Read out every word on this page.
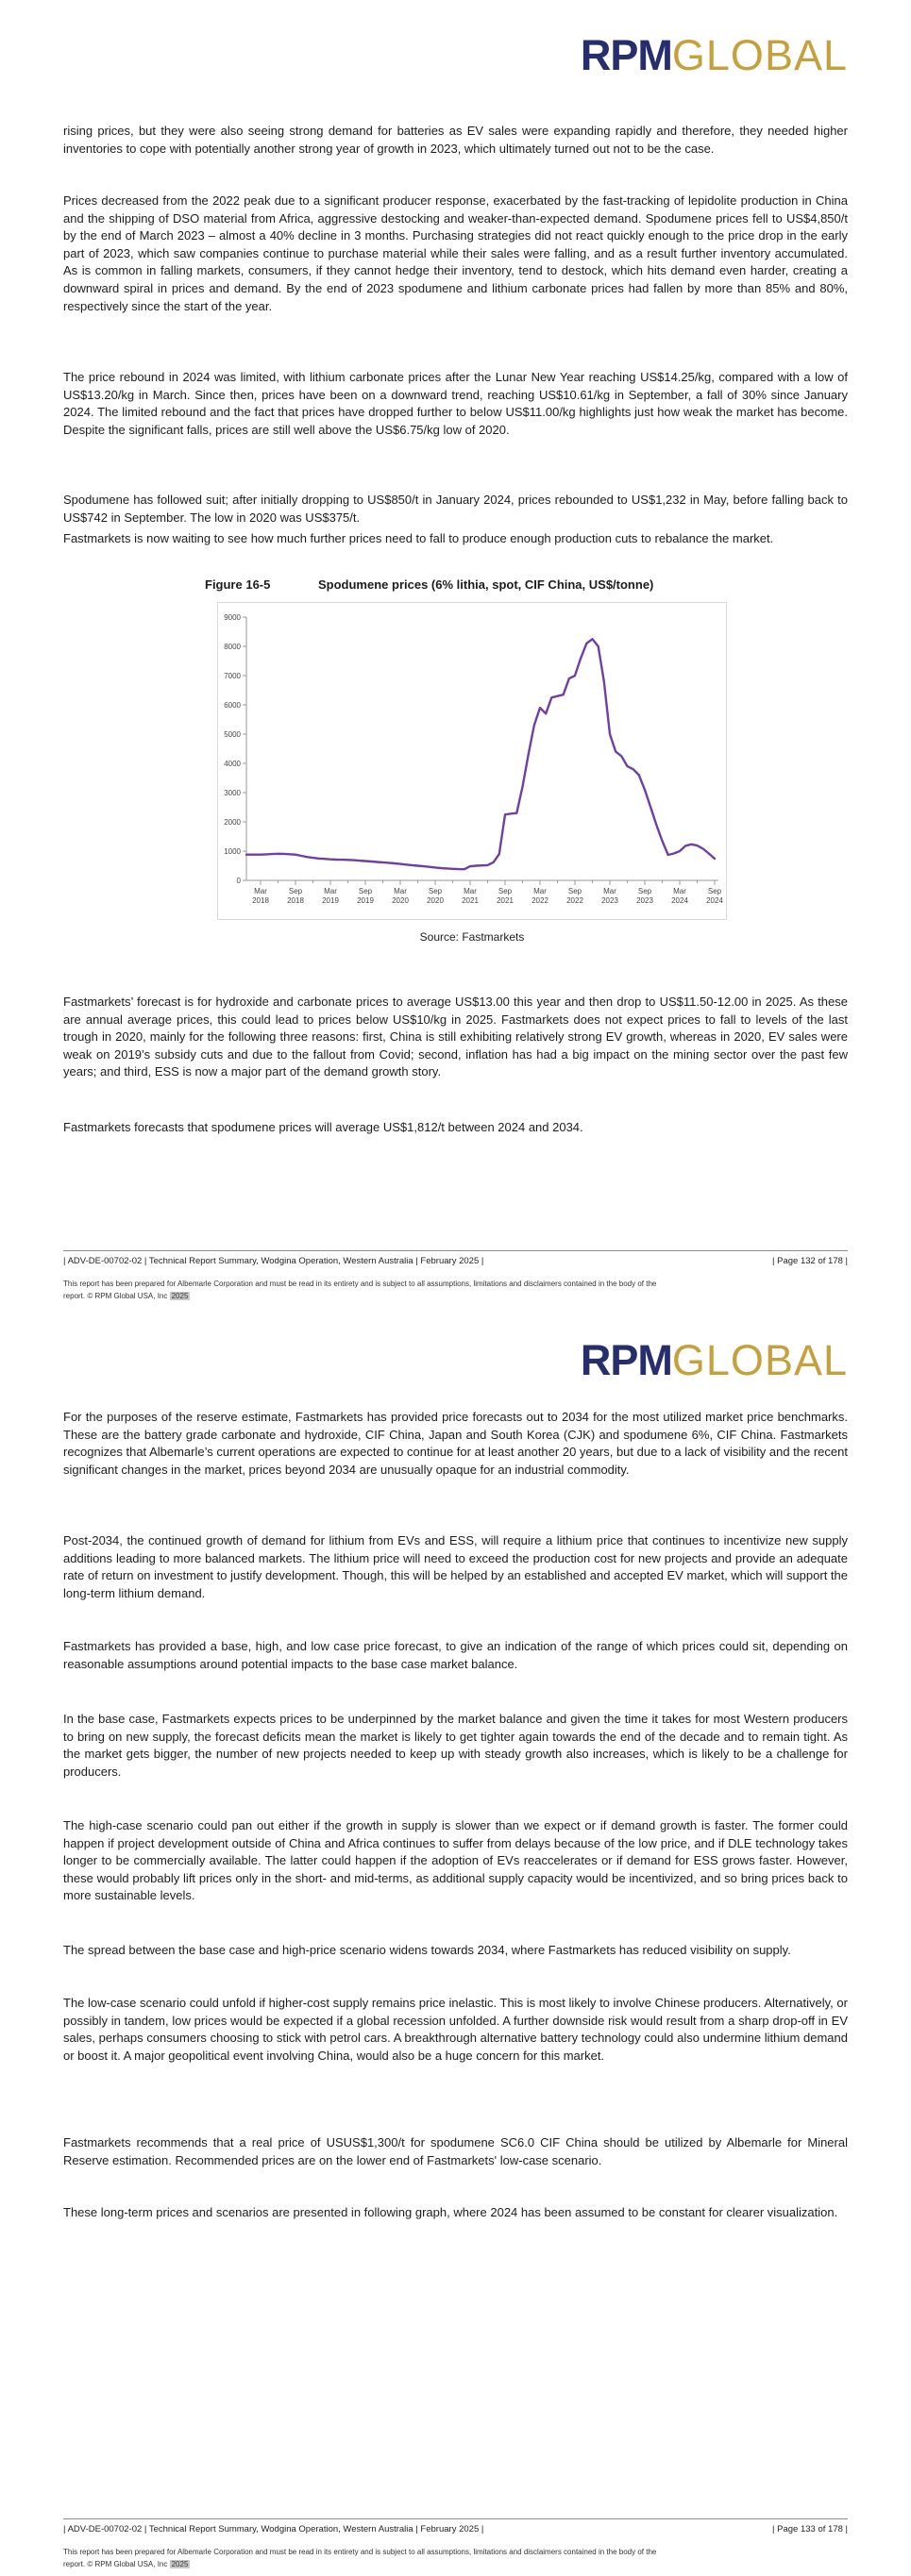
RPMGLOBAL

rising prices, but they were also seeing strong demand for batteries as EV sales were expanding rapidly and therefore, they needed higher inventories to cope with potentially another strong year of growth in 2023, which ultimately turned out not to be the case.

Prices decreased from the 2022 peak due to a significant producer response, exacerbated by the fast-tracking of lepidolite production in China and the shipping of DSO material from Africa, aggressive destocking and weaker-than-expected demand. Spodumene prices fell to US$4,850/t by the end of March 2023 – almost a 40% decline in 3 months. Purchasing strategies did not react quickly enough to the price drop in the early part of 2023, which saw companies continue to purchase material while their sales were falling, and as a result further inventory accumulated. As is common in falling markets, consumers, if they cannot hedge their inventory, tend to destock, which hits demand even harder, creating a downward spiral in prices and demand. By the end of 2023 spodumene and lithium carbonate prices had fallen by more than 85% and 80%, respectively since the start of the year.

The price rebound in 2024 was limited, with lithium carbonate prices after the Lunar New Year reaching US$14.25/kg, compared with a low of US$13.20/kg in March. Since then, prices have been on a downward trend, reaching US$10.61/kg in September, a fall of 30% since January 2024. The limited rebound and the fact that prices have dropped further to below US$11.00/kg highlights just how weak the market has become. Despite the significant falls, prices are still well above the US$6.75/kg low of 2020.

Spodumene has followed suit; after initially dropping to US$850/t in January 2024, prices rebounded to US$1,232 in May, before falling back to US$742 in September. The low in 2020 was US$375/t.

Fastmarkets is now waiting to see how much further prices need to fall to produce enough production cuts to rebalance the market.

Figure 16-5	Spodumene prices (6% lithia, spot, CIF China, US$/tonne)
0
1000
2000
3000
4000
5000
6000
7000
8000
9000
Mar
2018
Sep
2018
Mar
2019
Sep
2019
Mar
2020
Sep
2020
Mar
2021
Sep
2021
Mar
2022
Sep
2022
Mar
2023
Sep
2023
Mar
2024
Sep
2024
Source: Fastmarkets

Fastmarkets’ forecast is for hydroxide and carbonate prices to average US$13.00 this year and then drop to US$11.50-12.00 in 2025. As these are annual average prices, this could lead to prices below US$10/kg in 2025. Fastmarkets does not expect prices to fall to levels of the last trough in 2020, mainly for the following three reasons: first, China is still exhibiting relatively strong EV growth, whereas in 2020, EV sales were weak on 2019’s subsidy cuts and due to the fallout from Covid; second, inflation has had a big impact on the mining sector over the past few years; and third, ESS is now a major part of the demand growth story.

Fastmarkets forecasts that spodumene prices will average US$1,812/t between 2024 and 2034.

| ADV-DE-00702-02 | Technical Report Summary, Wodgina Operation, Western Australia | February 2025 |	| Page 132 of 178 |
This report has been prepared for Albemarle Corporation and must be read in its entirety and is subject to all assumptions, limitations and disclaimers contained in the body of the
report. © RPM Global USA, Inc 2025
RPMGLOBAL

For the purposes of the reserve estimate, Fastmarkets has provided price forecasts out to 2034 for the most utilized market price benchmarks. These are the battery grade carbonate and hydroxide, CIF China, Japan and South Korea (CJK) and spodumene 6%, CIF China. Fastmarkets recognizes that Albemarle’s current operations are expected to continue for at least another 20 years, but due to a lack of visibility and the recent significant changes in the market, prices beyond 2034 are unusually opaque for an industrial commodity.

Post-2034, the continued growth of demand for lithium from EVs and ESS, will require a lithium price that continues to incentivize new supply additions leading to more balanced markets. The lithium price will need to exceed the production cost for new projects and provide an adequate rate of return on investment to justify development. Though, this will be helped by an established and accepted EV market, which will support the long-term lithium demand.

Fastmarkets has provided a base, high, and low case price forecast, to give an indication of the range of which prices could sit, depending on reasonable assumptions around potential impacts to the base case market balance.

In the base case, Fastmarkets expects prices to be underpinned by the market balance and given the time it takes for most Western producers to bring on new supply, the forecast deficits mean the market is likely to get tighter again towards the end of the decade and to remain tight. As the market gets bigger, the number of new projects needed to keep up with steady growth also increases, which is likely to be a challenge for producers.

The high-case scenario could pan out either if the growth in supply is slower than we expect or if demand growth is faster. The former could happen if project development outside of China and Africa continues to suffer from delays because of the low price, and if DLE technology takes longer to be commercially available. The latter could happen if the adoption of EVs reaccelerates or if demand for ESS grows faster. However, these would probably lift prices only in the short- and mid-terms, as additional supply capacity would be incentivized, and so bring prices back to more sustainable levels.

The spread between the base case and high-price scenario widens towards 2034, where Fastmarkets has reduced visibility on supply.

The low-case scenario could unfold if higher-cost supply remains price inelastic. This is most likely to involve Chinese producers. Alternatively, or possibly in tandem, low prices would be expected if a global recession unfolded. A further downside risk would result from a sharp drop-off in EV sales, perhaps consumers choosing to stick with petrol cars. A breakthrough alternative battery technology could also undermine lithium demand or boost it. A major geopolitical event involving China, would also be a huge concern for this market.

Fastmarkets recommends that a real price of USUS$1,300/t for spodumene SC6.0 CIF China should be utilized by Albemarle for Mineral Reserve estimation. Recommended prices are on the lower end of Fastmarkets' low-case scenario.

These long-term prices and scenarios are presented in following graph, where 2024 has been assumed to be constant for clearer visualization.

| ADV-DE-00702-02 | Technical Report Summary, Wodgina Operation, Western Australia | February 2025 |	| Page 133 of 178 |
This report has been prepared for Albemarle Corporation and must be read in its entirety and is subject to all assumptions, limitations and disclaimers contained in the body of the
report. © RPM Global USA, Inc 2025
